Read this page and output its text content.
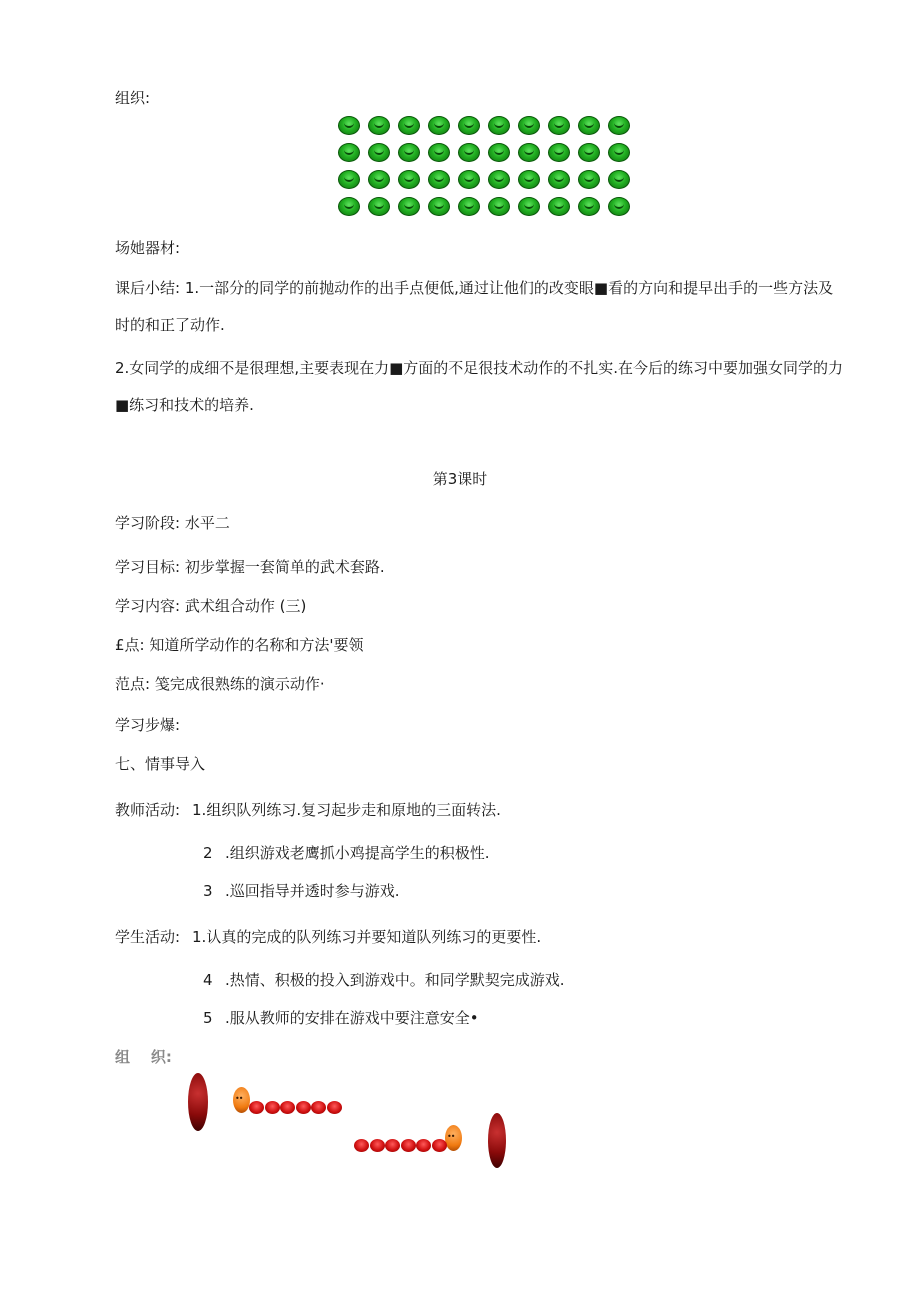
组织:
场她器材:
课后小结: 1.一部分的同学的前抛动作的出手点便低,通过让他们的改变眼■看的方向和提早出手的一些方法及时的和正了动作.
2.女同学的成细不是很理想,主要表现在力■方面的不足很技术动作的不扎实.在今后的练习中要加强女同学的力■练习和技术的培养.
第3课时
学习阶段: 水平二
学习目标: 初步掌握一套简单的武术套路.
学习内容: 武术组合动作 (三)
£点: 知道所学动作的名称和方法'要领
范点: 笺完成很熟练的演示动作·
学习步爆:
七、情事导入
教师活动: 1.组织队列练习.复习起步走和原地的三面转法.
2 .组织游戏老鹰抓小鸡提高学生的积极性.
3 .巡回指导并透时参与游戏.
学生活动: 1.认真的完成的队列练习并要知道队列练习的更要性.
4 .热情、积极的投入到游戏中。和同学默契完成游戏.
5 .服从教师的安排在游戏中要注意安全•
组    织:
••
••
